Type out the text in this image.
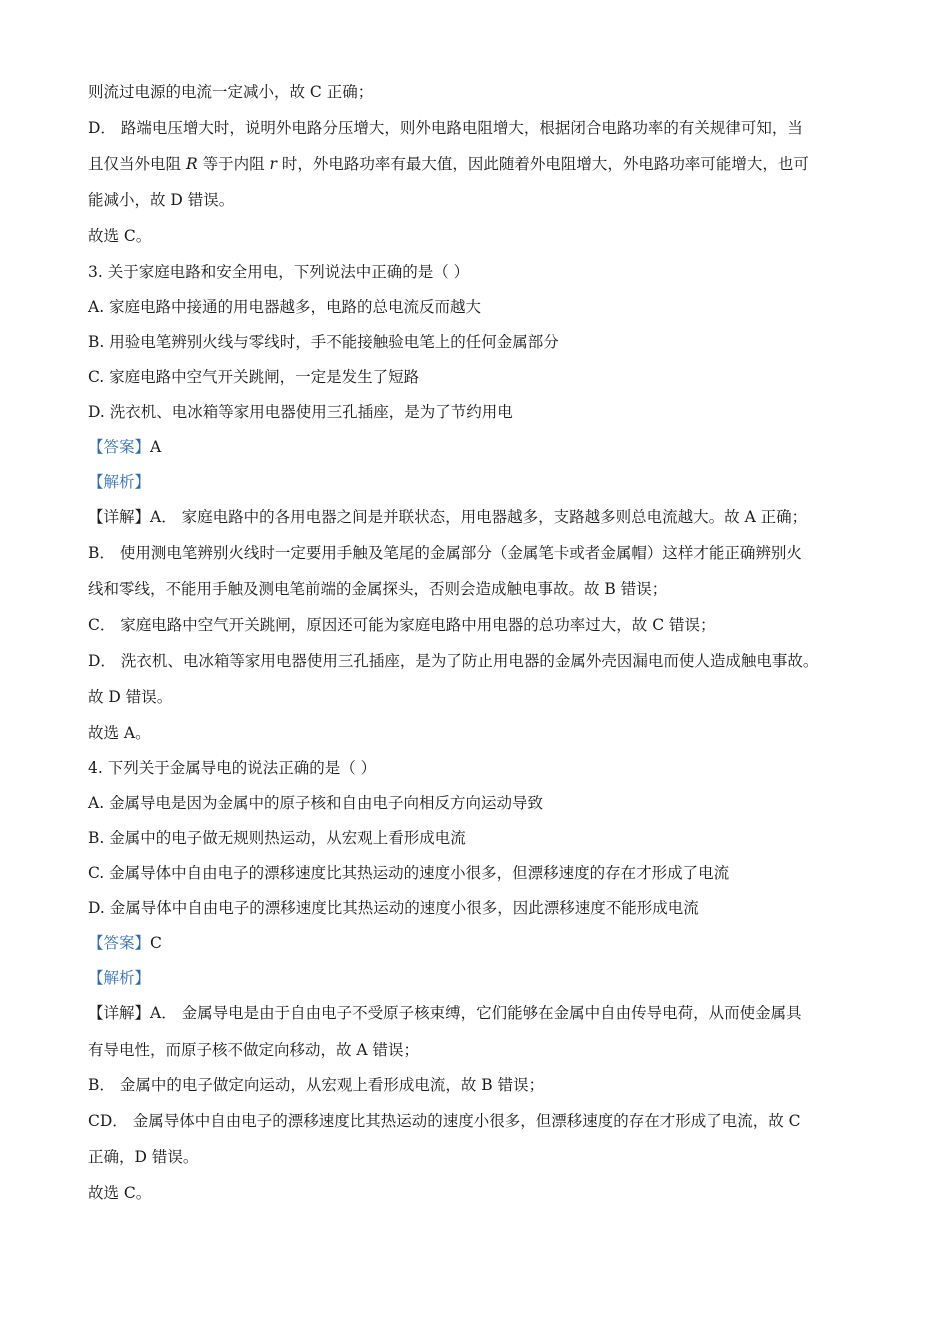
则流过电源的电流一定减小，故 C 正确；
D． 路端电压增大时，说明外电路分压增大，则外电路电阻增大，根据闭合电路功率的有关规律可知，当
且仅当外电阻 R 等于内阻 r 时，外电路功率有最大值，因此随着外电阻增大，外电路功率可能增大，也可
能减小，故 D 错误。
故选 C。
3. 关于家庭电路和安全用电，下列说法中正确的是（ ）
A. 家庭电路中接通的用电器越多，电路的总电流反而越大
B. 用验电笔辨别火线与零线时，手不能接触验电笔上的任何金属部分
C. 家庭电路中空气开关跳闸，一定是发生了短路
D. 洗衣机、电冰箱等家用电器使用三孔插座，是为了节约用电
【答案】A
【解析】
【详解】A． 家庭电路中的各用电器之间是并联状态，用电器越多，支路越多则总电流越大。故 A 正确；
B． 使用测电笔辨别火线时一定要用手触及笔尾的金属部分（金属笔卡或者金属帽）这样才能正确辨别火
线和零线，不能用手触及测电笔前端的金属探头，否则会造成触电事故。故 B 错误；
C． 家庭电路中空气开关跳闸，原因还可能为家庭电路中用电器的总功率过大，故 C 错误；
D． 洗衣机、电冰箱等家用电器使用三孔插座，是为了防止用电器的金属外壳因漏电而使人造成触电事故。
故 D 错误。
故选 A。
4. 下列关于金属导电的说法正确的是（ ）
A. 金属导电是因为金属中的原子核和自由电子向相反方向运动导致
B. 金属中的电子做无规则热运动，从宏观上看形成电流
C. 金属导体中自由电子的漂移速度比其热运动的速度小很多，但漂移速度的存在才形成了电流
D. 金属导体中自由电子的漂移速度比其热运动的速度小很多，因此漂移速度不能形成电流
【答案】C
【解析】
【详解】A． 金属导电是由于自由电子不受原子核束缚，它们能够在金属中自由传导电荷，从而使金属具
有导电性，而原子核不做定向移动，故 A 错误；
B． 金属中的电子做定向运动，从宏观上看形成电流，故 B 错误；
CD． 金属导体中自由电子的漂移速度比其热运动的速度小很多，但漂移速度的存在才形成了电流，故 C
正确，D 错误。
故选 C。
